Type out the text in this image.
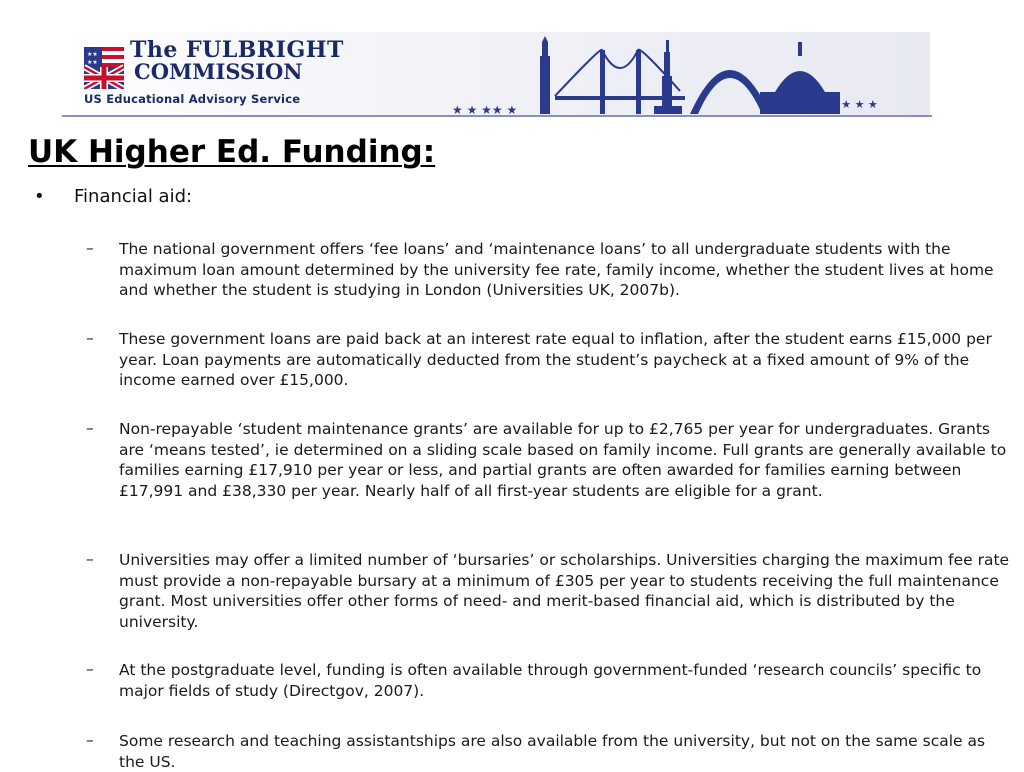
★★
★★ The FULBRIGHT
COMMISSION
US Educational Advisory Service
★ ★ ★★ ★	★ ★★ ★ ★
UK Higher Ed. Funding:
• Financial aid:
– The national government offers ‘fee loans’ and ‘maintenance loans’ to all undergraduate students with the maximum loan amount determined by the university fee rate, family income, whether the student lives at home and whether the student is studying in London (Universities UK, 2007b).
– These government loans are paid back at an interest rate equal to inflation, after the student earns £15,000 per year. Loan payments are automatically deducted from the student’s paycheck at a fixed amount of 9% of the income earned over £15,000.
– Non-repayable ‘student maintenance grants’ are available for up to £2,765 per year for undergraduates. Grants are ‘means tested’, ie determined on a sliding scale based on family income. Full grants are generally available to families earning £17,910 per year or less, and partial grants are often awarded for families earning between £17,991 and £38,330 per year. Nearly half of all first-year students are eligible for a grant.
– Universities may offer a limited number of ‘bursaries’ or scholarships. Universities charging the maximum fee rate must provide a non-repayable bursary at a minimum of £305 per year to students receiving the full maintenance grant. Most universities offer other forms of need- and merit-based financial aid, which is distributed by the university.
– At the postgraduate level, funding is often available through government-funded ‘research councils’ specific to major fields of study (Directgov, 2007).
– Some research and teaching assistantships are also available from the university, but not on the same scale as the US.
